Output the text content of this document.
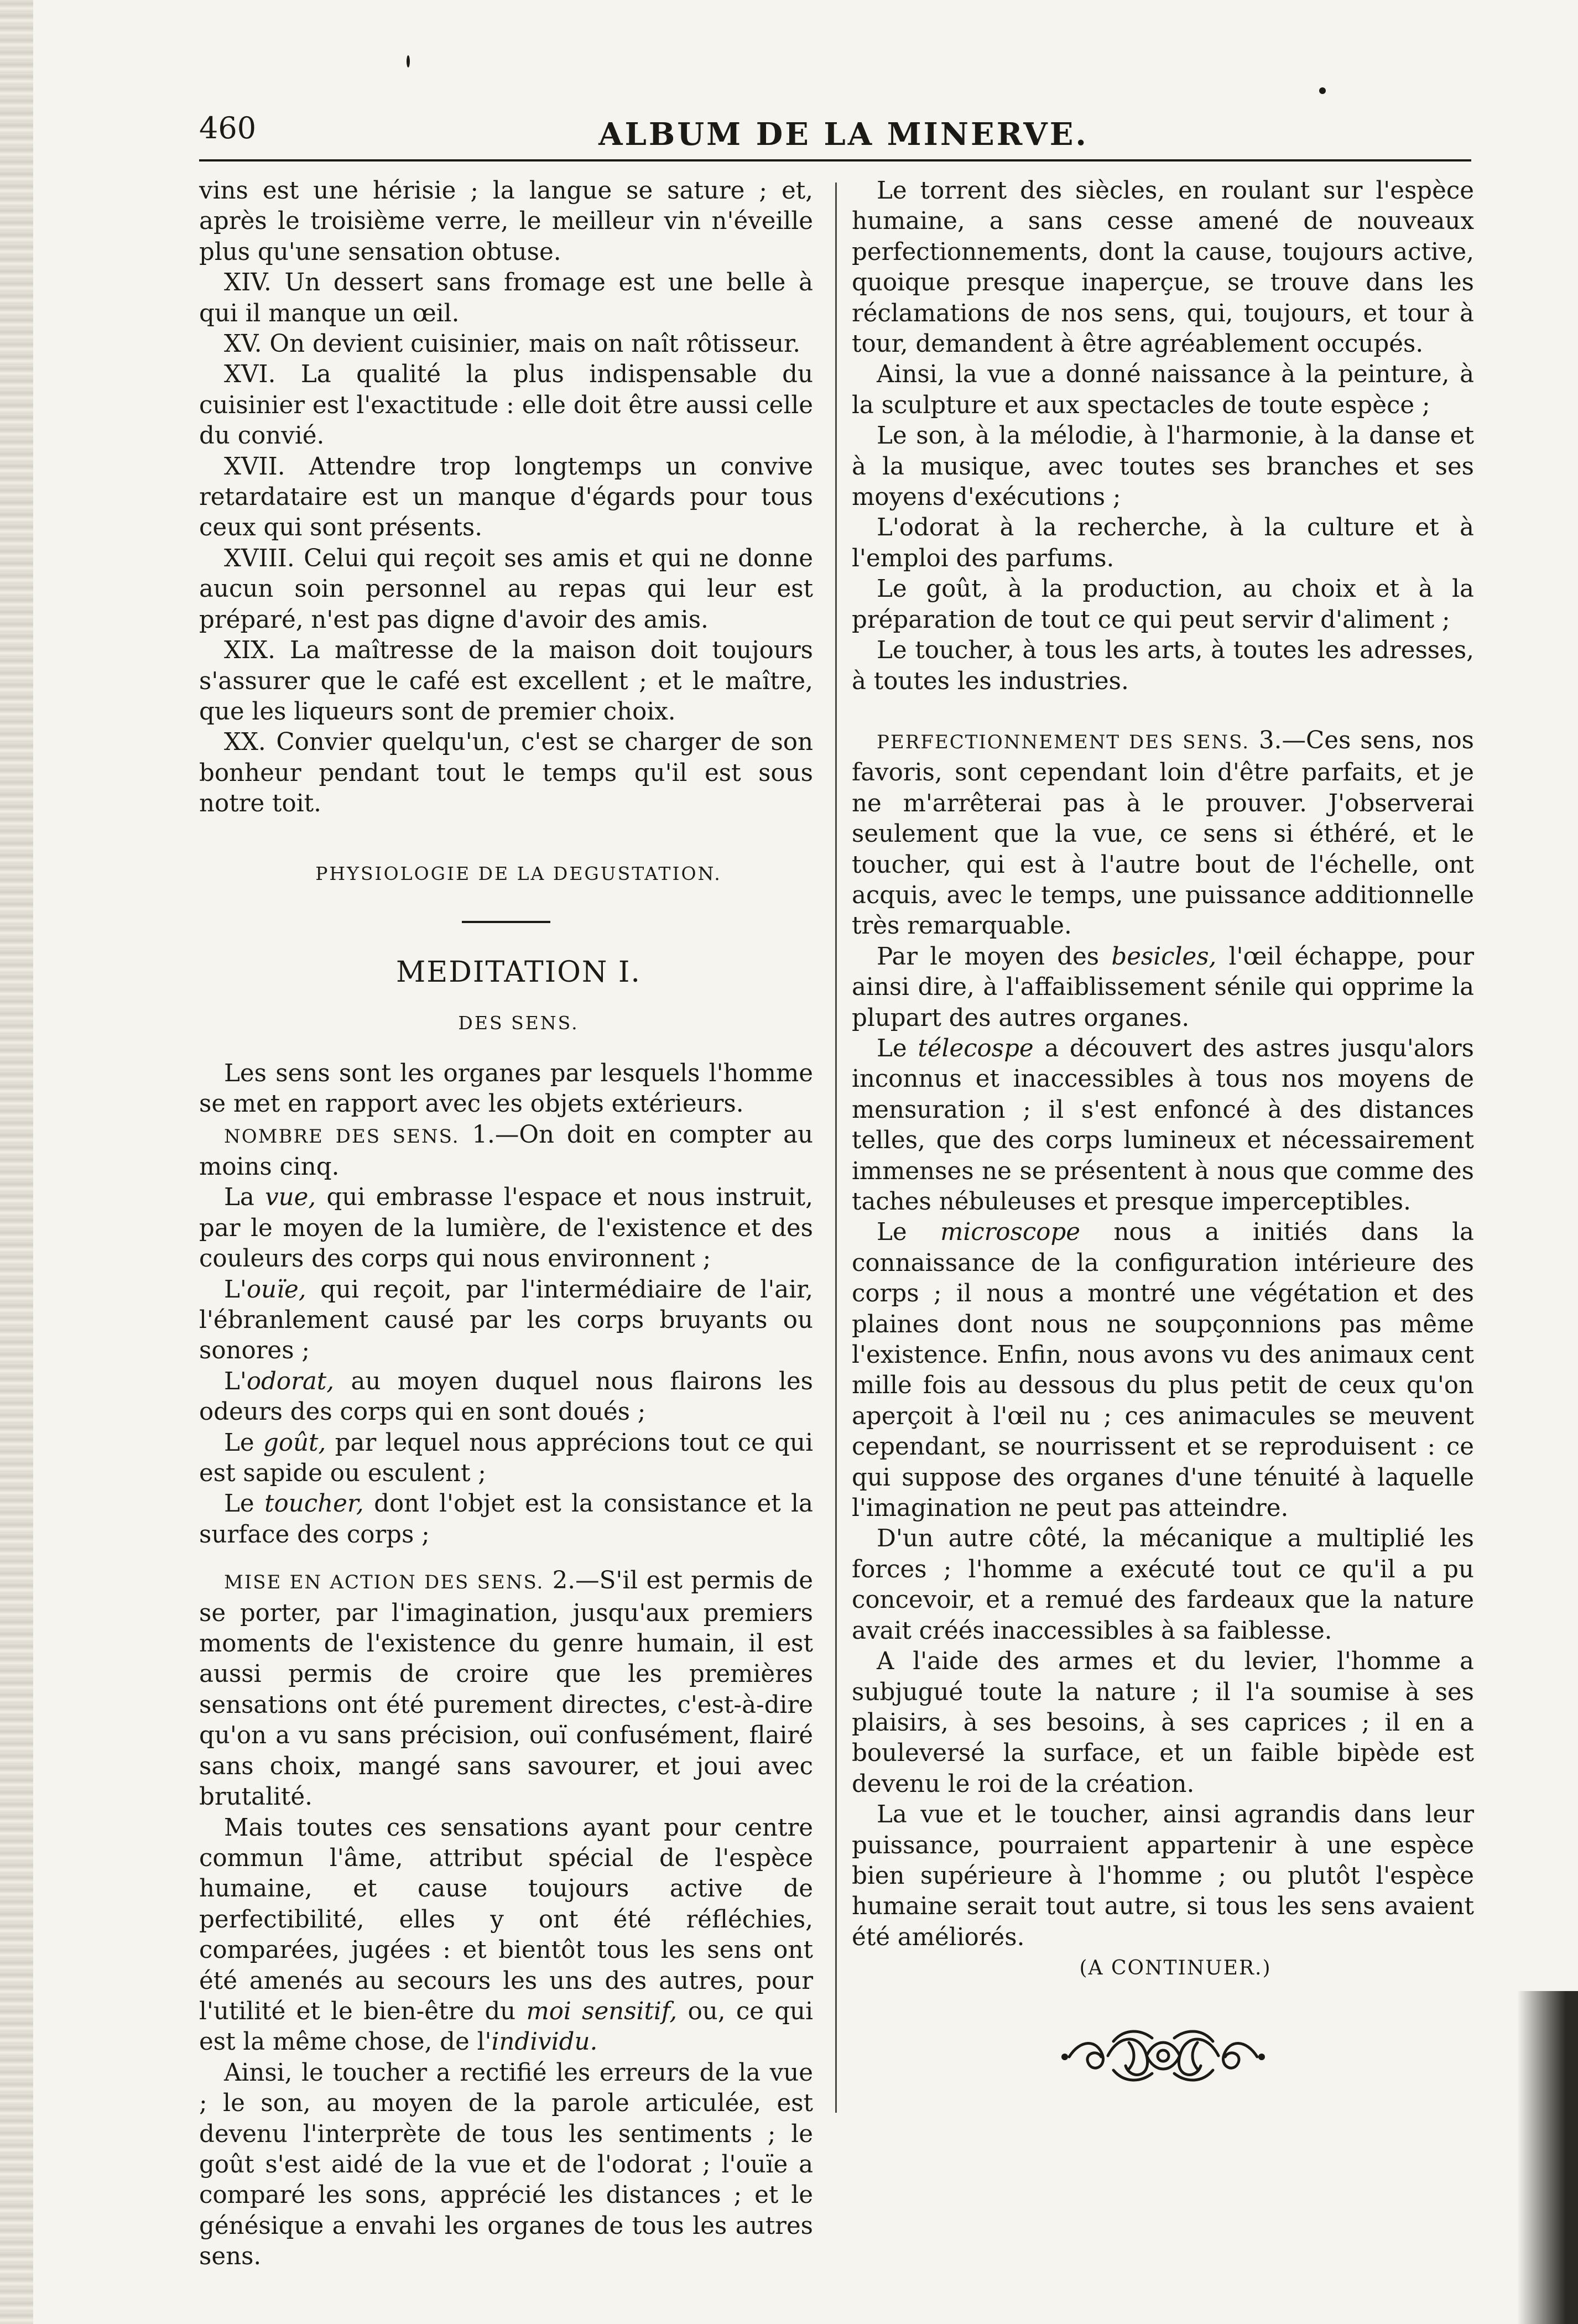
460	ALBUM DE LA MINERVE.

vins est une hérisie ; la langue se sature ; et, après le troisième verre, le meilleur vin n'éveille plus qu'une sensation obtuse.

XIV. Un dessert sans fromage est une belle à qui il manque un œil.

XV. On devient cuisinier, mais on naît rôtisseur.

XVI. La qualité la plus indispensable du cuisinier est l'exactitude : elle doit être aussi celle du convié.

XVII. Attendre trop longtemps un convive retardataire est un manque d'égards pour tous ceux qui sont présents.

XVIII. Celui qui reçoit ses amis et qui ne donne aucun soin personnel au repas qui leur est préparé, n'est pas digne d'avoir des amis.

XIX. La maîtresse de la maison doit toujours s'assurer que le café est excellent ; et le maître, que les liqueurs sont de premier choix.

XX. Convier quelqu'un, c'est se charger de son bonheur pendant tout le temps qu'il est sous notre toit.

PHYSIOLOGIE DE LA DEGUSTATION.

MEDITATION I.

DES SENS.

Les sens sont les organes par lesquels l'homme se met en rapport avec les objets extérieurs.

NOMBRE DES SENS. 1.—On doit en compter au moins cinq.

La vue, qui embrasse l'espace et nous instruit, par le moyen de la lumière, de l'existence et des couleurs des corps qui nous environnent ;

L'ouïe, qui reçoit, par l'intermédiaire de l'air, l'ébranlement causé par les corps bruyants ou sonores ;

L'odorat, au moyen duquel nous flairons les odeurs des corps qui en sont doués ;

Le goût, par lequel nous apprécions tout ce qui est sapide ou esculent ;

Le toucher, dont l'objet est la consistance et la surface des corps ;

MISE EN ACTION DES SENS. 2.—S'il est permis de se porter, par l'imagination, jusqu'aux premiers moments de l'existence du genre humain, il est aussi permis de croire que les premières sensations ont été purement directes, c'est-à-dire qu'on a vu sans précision, ouï confusément, flairé sans choix, mangé sans savourer, et joui avec brutalité.

Mais toutes ces sensations ayant pour centre commun l'âme, attribut spécial de l'espèce humaine, et cause toujours active de perfectibilité, elles y ont été réfléchies, comparées, jugées : et bientôt tous les sens ont été amenés au secours les uns des autres, pour l'utilité et le bien-être du moi sensitif, ou, ce qui est la même chose, de l'individu.

Ainsi, le toucher a rectifié les erreurs de la vue ; le son, au moyen de la parole articulée, est devenu l'interprète de tous les sentiments ; le goût s'est aidé de la vue et de l'odorat ; l'ouïe a comparé les sons, apprécié les distances ; et le génésique a envahi les organes de tous les autres sens.

Le torrent des siècles, en roulant sur l'espèce humaine, a sans cesse amené de nouveaux perfectionnements, dont la cause, toujours active, quoique presque inaperçue, se trouve dans les réclamations de nos sens, qui, toujours, et tour à tour, demandent à être agréablement occupés.

Ainsi, la vue a donné naissance à la peinture, à la sculpture et aux spectacles de toute espèce ;

Le son, à la mélodie, à l'harmonie, à la danse et à la musique, avec toutes ses branches et ses moyens d'exécutions ;

L'odorat à la recherche, à la culture et à l'emploi des parfums.

Le goût, à la production, au choix et à la préparation de tout ce qui peut servir d'aliment ;

Le toucher, à tous les arts, à toutes les adresses, à toutes les industries.

PERFECTIONNEMENT DES SENS. 3.—Ces sens, nos favoris, sont cependant loin d'être parfaits, et je ne m'arrêterai pas à le prouver. J'observerai seulement que la vue, ce sens si éthéré, et le toucher, qui est à l'autre bout de l'échelle, ont acquis, avec le temps, une puissance additionnelle très remarquable.

Par le moyen des besicles, l'œil échappe, pour ainsi dire, à l'affaiblissement sénile qui opprime la plupart des autres organes.

Le télecospe a découvert des astres jusqu'alors inconnus et inaccessibles à tous nos moyens de mensuration ; il s'est enfoncé à des distances telles, que des corps lumineux et nécessairement immenses ne se présentent à nous que comme des taches nébuleuses et presque imperceptibles.

Le microscope nous a initiés dans la connaissance de la configuration intérieure des corps ; il nous a montré une végétation et des plaines dont nous ne soupçonnions pas même l'existence. Enfin, nous avons vu des animaux cent mille fois au dessous du plus petit de ceux qu'on aperçoit à l'œil nu ; ces animacules se meuvent cependant, se nourrissent et se reproduisent : ce qui suppose des organes d'une ténuité à laquelle l'imagination ne peut pas atteindre.

D'un autre côté, la mécanique a multiplié les forces ; l'homme a exécuté tout ce qu'il a pu concevoir, et a remué des fardeaux que la nature avait créés inaccessibles à sa faiblesse.

A l'aide des armes et du levier, l'homme a subjugué toute la nature ; il l'a soumise à ses plaisirs, à ses besoins, à ses caprices ; il en a bouleversé la surface, et un faible bipède est devenu le roi de la création.

La vue et le toucher, ainsi agrandis dans leur puissance, pourraient appartenir à une espèce bien supérieure à l'homme ; ou plutôt l'espèce humaine serait tout autre, si tous les sens avaient été améliorés.

(A CONTINUER.)
